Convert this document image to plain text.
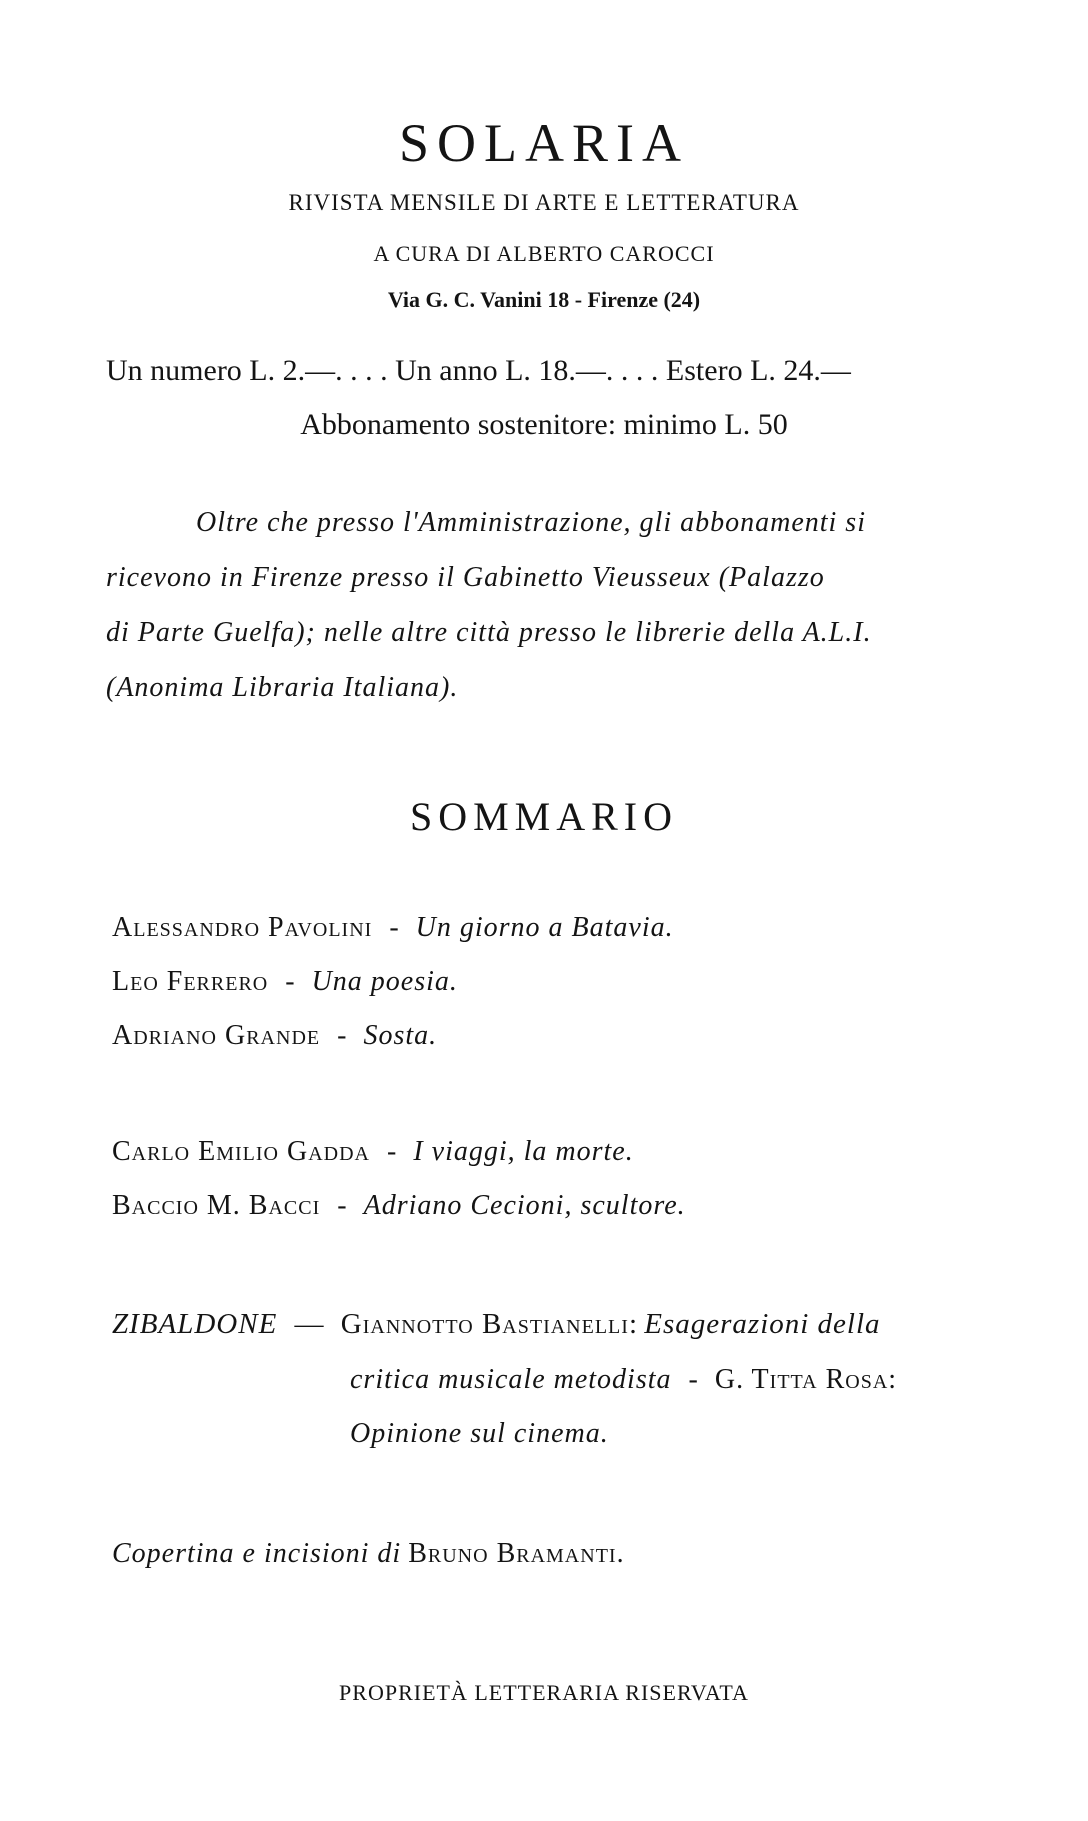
SOLARIA
RIVISTA MENSILE DI ARTE E LETTERATURA
A CURA DI ALBERTO CAROCCI
Via G. C. Vanini 18 - Firenze (24)
Un numero L. 2.—. . . . Un anno L. 18.—. . . . Estero L. 24.—
Abbonamento sostenitore: minimo L. 50
Oltre che presso l'Amministrazione, gli abbonamenti si
ricevono in Firenze presso il Gabinetto Vieusseux (Palazzo
di Parte Guelfa); nelle altre città presso le librerie della A.L.I.
(Anonima Libraria Italiana).
SOMMARIO
Alessandro Pavolini - Un giorno a Batavia.
Leo Ferrero - Una poesia.
Adriano Grande - Sosta.
Carlo Emilio Gadda - I viaggi, la morte.
Baccio M. Bacci - Adriano Cecioni, scultore.
ZIBALDONE — Giannotto Bastianelli: Esagerazioni della
critica musicale metodista - G. Titta Rosa:
Opinione sul cinema.
Copertina e incisioni di Bruno Bramanti.
PROPRIETÀ LETTERARIA RISERVATA
